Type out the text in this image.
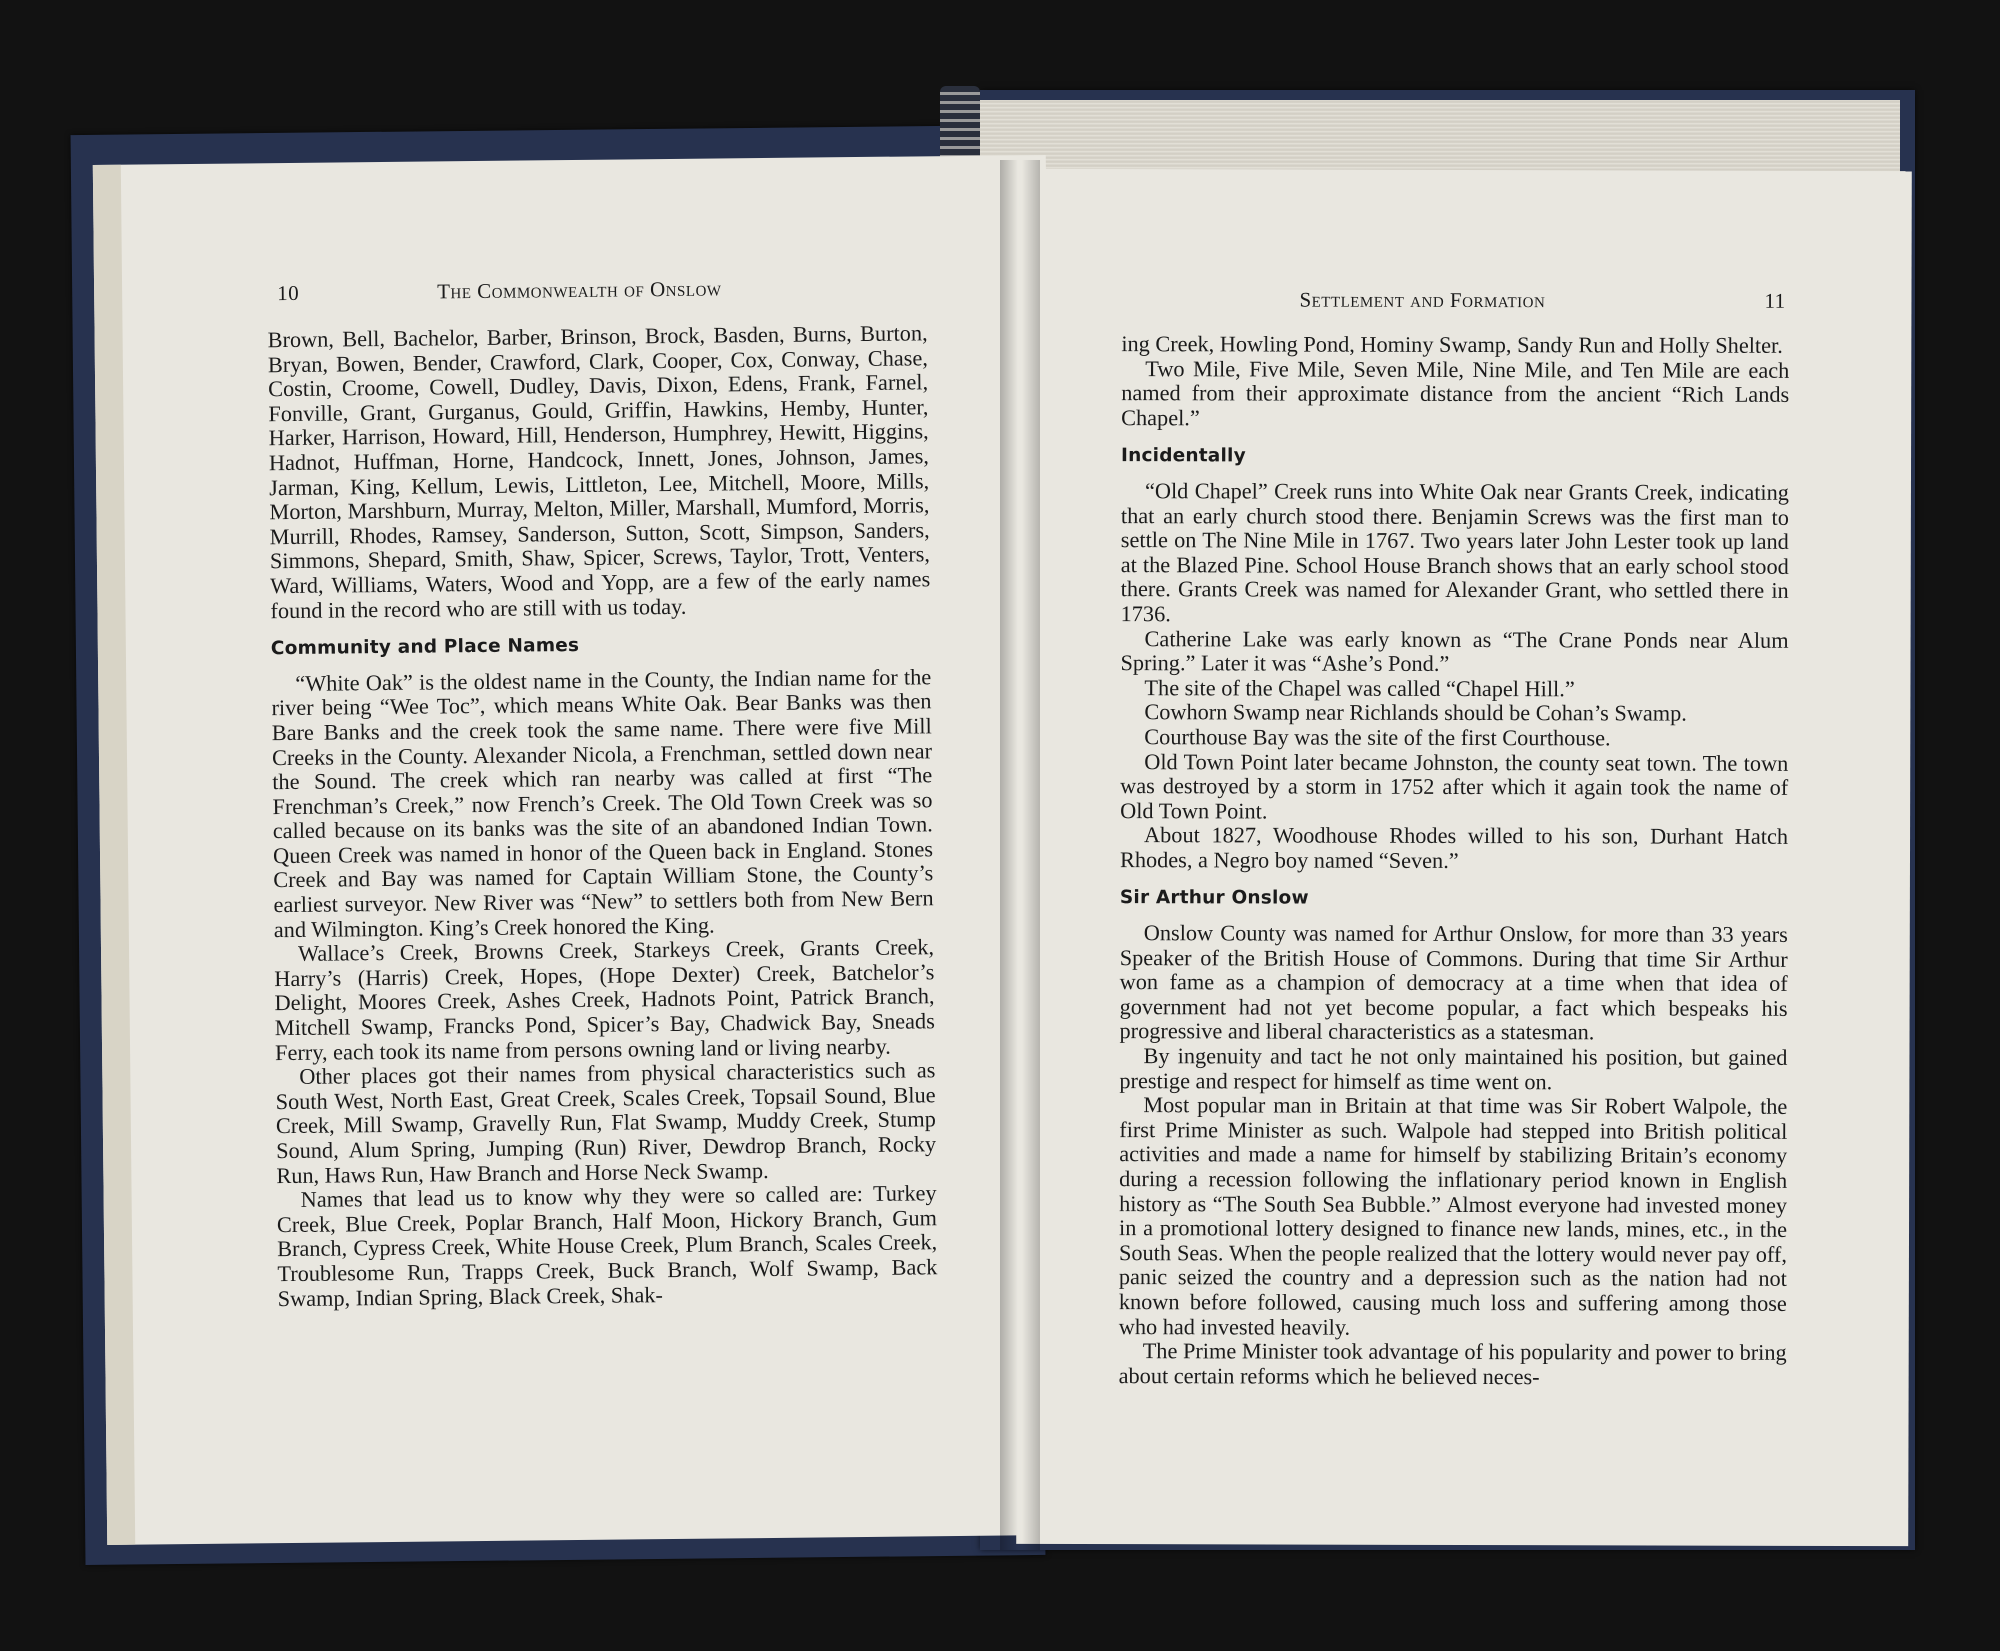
10	The Commonwealth of Onslow

Brown, Bell, Bachelor, Barber, Brinson, Brock, Basden, Burns, Burton, Bryan, Bowen, Bender, Crawford, Clark, Cooper, Cox, Conway, Chase, Costin, Croome, Cowell, Dudley, Davis, Dixon, Edens, Frank, Farnel, Fonville, Grant, Gurganus, Gould, Griffin, Hawkins, Hemby, Hunter, Harker, Harrison, Howard, Hill, Henderson, Humphrey, Hewitt, Higgins, Hadnot, Huffman, Horne, Handcock, Innett, Jones, Johnson, James, Jarman, King, Kellum, Lewis, Littleton, Lee, Mitchell, Moore, Mills, Morton, Marshburn, Murray, Melton, Miller, Marshall, Mumford, Morris, Murrill, Rhodes, Ramsey, Sanderson, Sutton, Scott, Simpson, Sanders, Simmons, Shepard, Smith, Shaw, Spicer, Screws, Taylor, Trott, Venters, Ward, Williams, Waters, Wood and Yopp, are a few of the early names found in the record who are still with us today.

Community and Place Names

“White Oak” is the oldest name in the County, the Indian name for the river being “Wee Toc”, which means White Oak. Bear Banks was then Bare Banks and the creek took the same name. There were five Mill Creeks in the County. Alexander Nicola, a Frenchman, settled down near the Sound. The creek which ran nearby was called at first “The Frenchman’s Creek,” now French’s Creek. The Old Town Creek was so called because on its banks was the site of an abandoned Indian Town. Queen Creek was named in honor of the Queen back in England. Stones Creek and Bay was named for Captain William Stone, the County’s earliest surveyor. New River was “New” to settlers both from New Bern and Wilmington. King’s Creek honored the King.

Wallace’s Creek, Browns Creek, Starkeys Creek, Grants Creek, Harry’s (Harris) Creek, Hopes, (Hope Dexter) Creek, Batchelor’s Delight, Moores Creek, Ashes Creek, Hadnots Point, Patrick Branch, Mitchell Swamp, Francks Pond, Spicer’s Bay, Chadwick Bay, Sneads Ferry, each took its name from persons owning land or living nearby.

Other places got their names from physical characteristics such as South West, North East, Great Creek, Scales Creek, Topsail Sound, Blue Creek, Mill Swamp, Gravelly Run, Flat Swamp, Muddy Creek, Stump Sound, Alum Spring, Jumping (Run) River, Dewdrop Branch, Rocky Run, Haws Run, Haw Branch and Horse Neck Swamp.

Names that lead us to know why they were so called are: Turkey Creek, Blue Creek, Poplar Branch, Half Moon, Hickory Branch, Gum Branch, Cypress Creek, White House Creek, Plum Branch, Scales Creek, Troublesome Run, Trapps Creek, Buck Branch, Wolf Swamp, Back Swamp, Indian Spring, Black Creek, Shak-

Settlement and Formation	11

ing Creek, Howling Pond, Hominy Swamp, Sandy Run and Holly Shelter.

Two Mile, Five Mile, Seven Mile, Nine Mile, and Ten Mile are each named from their approximate distance from the ancient “Rich Lands Chapel.”

Incidentally

“Old Chapel” Creek runs into White Oak near Grants Creek, indicating that an early church stood there. Benjamin Screws was the first man to settle on The Nine Mile in 1767. Two years later John Lester took up land at the Blazed Pine. School House Branch shows that an early school stood there. Grants Creek was named for Alexander Grant, who settled there in 1736.

Catherine Lake was early known as “The Crane Ponds near Alum Spring.” Later it was “Ashe’s Pond.”

The site of the Chapel was called “Chapel Hill.”

Cowhorn Swamp near Richlands should be Cohan’s Swamp.

Courthouse Bay was the site of the first Courthouse.

Old Town Point later became Johnston, the county seat town. The town was destroyed by a storm in 1752 after which it again took the name of Old Town Point.

About 1827, Woodhouse Rhodes willed to his son, Durhant Hatch Rhodes, a Negro boy named “Seven.”

Sir Arthur Onslow

Onslow County was named for Arthur Onslow, for more than 33 years Speaker of the British House of Commons. During that time Sir Arthur won fame as a champion of democracy at a time when that idea of government had not yet become popular, a fact which bespeaks his progressive and liberal characteristics as a statesman.

By ingenuity and tact he not only maintained his position, but gained prestige and respect for himself as time went on.

Most popular man in Britain at that time was Sir Robert Walpole, the first Prime Minister as such. Walpole had stepped into British political activities and made a name for himself by stabilizing Britain’s economy during a recession following the inflationary period known in English history as “The South Sea Bubble.” Almost everyone had invested money in a promotional lottery designed to finance new lands, mines, etc., in the South Seas. When the people realized that the lottery would never pay off, panic seized the country and a depression such as the nation had not known before followed, causing much loss and suffering among those who had invested heavily.

The Prime Minister took advantage of his popularity and power to bring about certain reforms which he believed neces-
